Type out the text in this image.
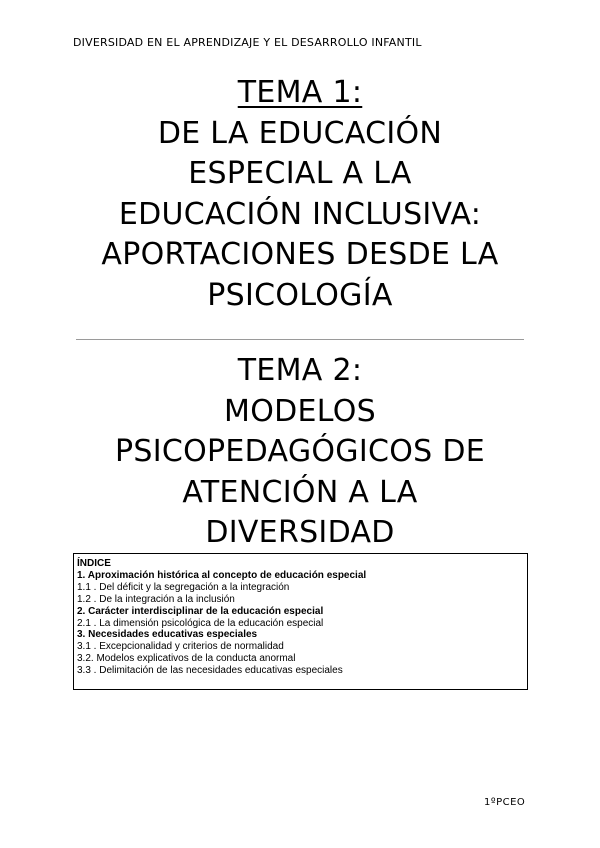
DIVERSIDAD EN EL APRENDIZAJE Y EL DESARROLLO INFANTIL
TEMA 1:
DE LA EDUCACIÓN
ESPECIAL A LA
EDUCACIÓN INCLUSIVA:
APORTACIONES DESDE LA
PSICOLOGÍA
TEMA 2:
MODELOS
PSICOPEDAGÓGICOS DE
ATENCIÓN A LA
DIVERSIDAD
ÍNDICE
1. Aproximación histórica al concepto de educación especial
1.1 . Del déficit y la segregación a la integración
1.2 . De la integración a la inclusión
2. Carácter interdisciplinar de la educación especial
2.1 . La dimensión psicológica de la educación especial
3. Necesidades educativas especiales
3.1 . Excepcionalidad y criterios de normalidad
3.2. Modelos explicativos de la conducta anormal
3.3 . Delimitación de las necesidades educativas especiales
1ºPCEO
